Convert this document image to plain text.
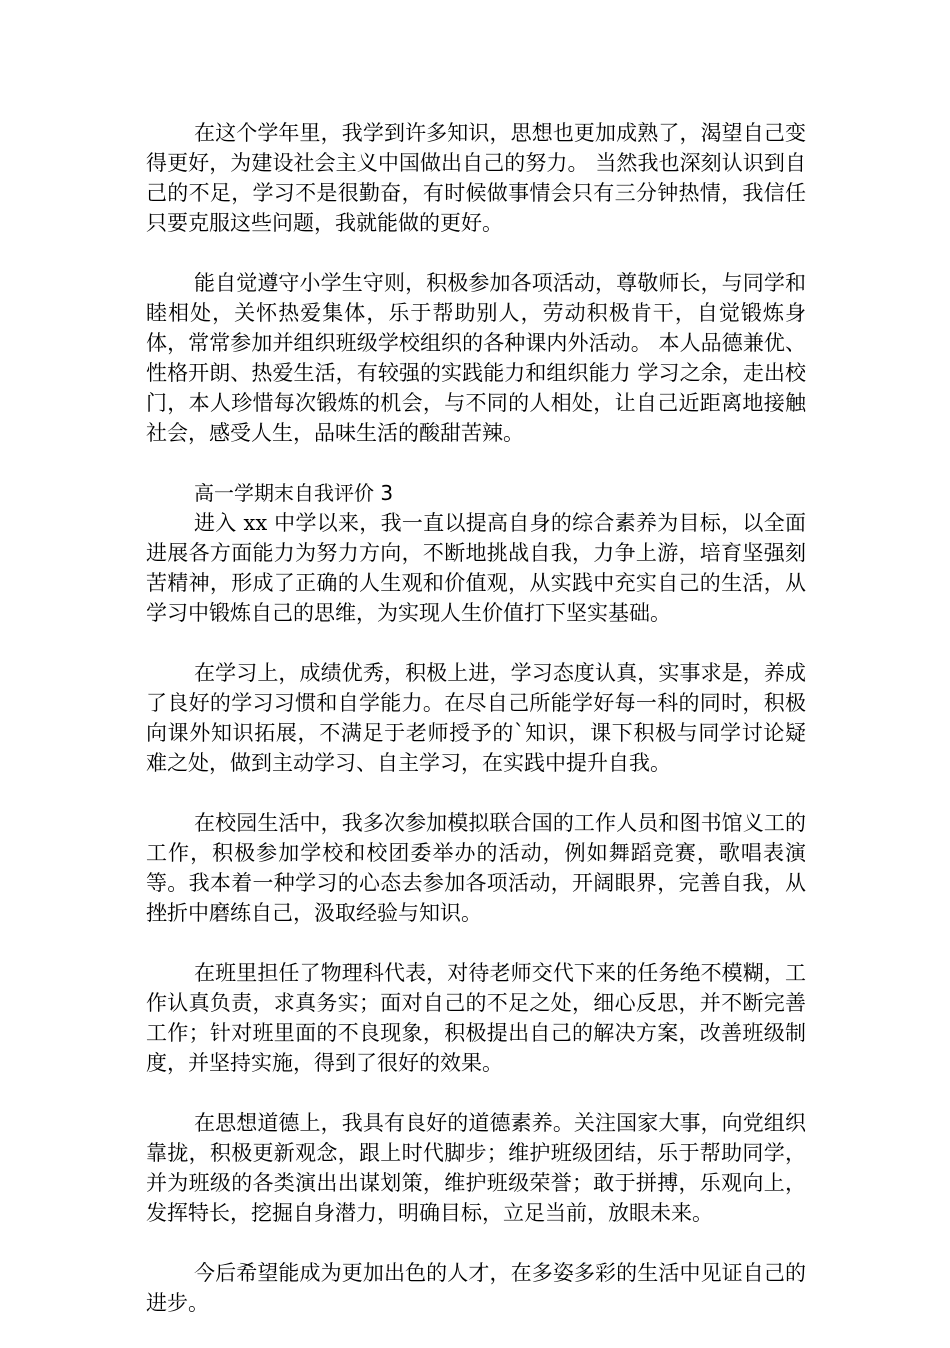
在这个学年里，我学到许多知识，思想也更加成熟了，渴望自己变得更好，为建设社会主义中国做出自己的努力。 当然我也深刻认识到自己的不足，学习不是很勤奋，有时候做事情会只有三分钟热情，我信任只要克服这些问题，我就能做的更好。

能自觉遵守小学生守则，积极参加各项活动，尊敬师长，与同学和睦相处，关怀热爱集体，乐于帮助别人，劳动积极肯干，自觉锻炼身体，常常参加并组织班级学校组织的各种课内外活动。 本人品德兼优、性格开朗、热爱生活，有较强的实践能力和组织能力 学习之余，走出校门，本人珍惜每次锻炼的机会，与不同的人相处，让自己近距离地接触社会，感受人生，品味生活的酸甜苦辣。

高一学期末自我评价 3

进入 xx 中学以来，我一直以提高自身的综合素养为目标，以全面进展各方面能力为努力方向，不断地挑战自我，力争上游，培育坚强刻苦精神，形成了正确的人生观和价值观，从实践中充实自己的生活，从学习中锻炼自己的思维，为实现人生价值打下坚实基础。

在学习上，成绩优秀，积极上进，学习态度认真，实事求是，养成了良好的学习习惯和自学能力。在尽自己所能学好每一科的同时，积极向课外知识拓展，不满足于老师授予的`知识，课下积极与同学讨论疑难之处，做到主动学习、自主学习，在实践中提升自我。

在校园生活中，我多次参加模拟联合国的工作人员和图书馆义工的工作，积极参加学校和校团委举办的活动，例如舞蹈竞赛，歌唱表演等。我本着一种学习的心态去参加各项活动，开阔眼界，完善自我，从挫折中磨练自己，汲取经验与知识。

在班里担任了物理科代表，对待老师交代下来的任务绝不模糊，工作认真负责，求真务实；面对自己的不足之处，细心反思，并不断完善工作；针对班里面的不良现象，积极提出自己的解决方案，改善班级制度，并坚持实施，得到了很好的效果。

在思想道德上，我具有良好的道德素养。关注国家大事，向党组织靠拢，积极更新观念，跟上时代脚步；维护班级团结，乐于帮助同学，并为班级的各类演出出谋划策，维护班级荣誉；敢于拼搏，乐观向上，发挥特长，挖掘自身潜力，明确目标，立足当前，放眼未来。

今后希望能成为更加出色的人才，在多姿多彩的生活中见证自己的进步。
